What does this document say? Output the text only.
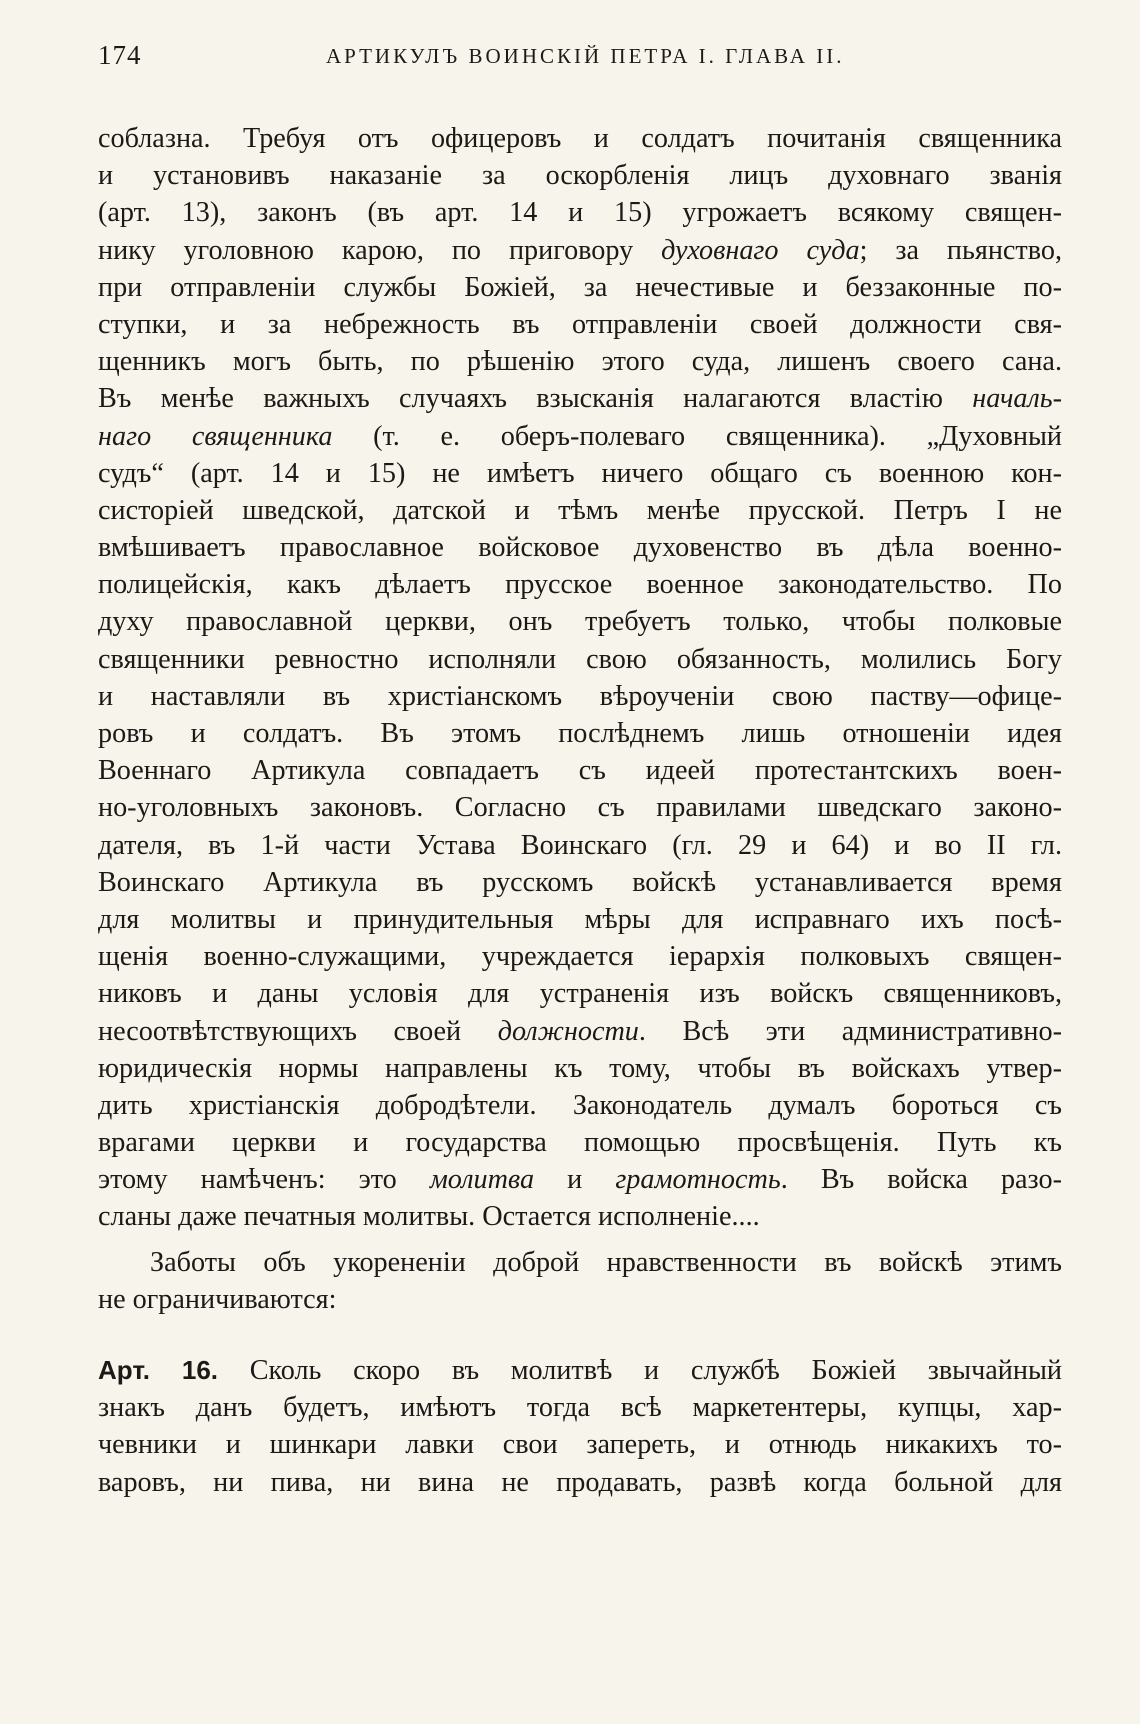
174	АРТИКУЛЪ ВОИНСКІЙ ПЕТРА I. ГЛАВА II.
соблазна. Требуя отъ офицеровъ и солдатъ почитанія священника
и установивъ наказаніе за оскорбленія лицъ духовнаго званія
(арт. 13), законъ (въ арт. 14 и 15) угрожаетъ всякому священ-
нику уголовною карою, по приговору духовнаго суда; за пьянство,
при отправленіи службы Божіей, за нечестивые и беззаконные по-
ступки, и за небрежность въ отправленіи своей должности свя-
щенникъ могъ быть, по рѣшенію этого суда, лишенъ своего сана.
Въ менѣе важныхъ случаяхъ взысканія налагаются властію началь-
наго священника (т. е. оберъ-полеваго священника). „Духовный
судъ“ (арт. 14 и 15) не имѣетъ ничего общаго съ военною кон-
систоріей шведской, датской и тѣмъ менѣе прусской. Петръ I не
вмѣшиваетъ православное войсковое духовенство въ дѣла военно-
полицейскія, какъ дѣлаетъ прусское военное законодательство. По
духу православной церкви, онъ требуетъ только, чтобы полковые
священники ревностно исполняли свою обязанность, молились Богу
и наставляли въ христіанскомъ вѣроученіи свою паству—офице-
ровъ и солдатъ. Въ этомъ послѣднемъ лишь отношеніи идея
Военнаго Артикула совпадаетъ съ идеей протестантскихъ воен-
но-уголовныхъ законовъ. Согласно съ правилами шведскаго законо-
дателя, въ 1-й части Устава Воинскаго (гл. 29 и 64) и во II гл.
Воинскаго Артикула въ русскомъ войскѣ устанавливается время
для молитвы и принудительныя мѣры для исправнаго ихъ посѣ-
щенія военно-служащими, учреждается іерархія полковыхъ священ-
никовъ и даны условія для устраненія изъ войскъ священниковъ,
несоотвѣтствующихъ своей должности. Всѣ эти административно-
юридическія нормы направлены къ тому, чтобы въ войскахъ утвер-
дить христіанскія добродѣтели. Законодатель думалъ бороться съ
врагами церкви и государства помощью просвѣщенія. Путь къ
этому намѣченъ: это молитва и грамотность. Въ войска разо-
сланы даже печатныя молитвы. Остается исполненіе....
Заботы объ укорененіи доброй нравственности въ войскѣ этимъ
не ограничиваются:
Арт. 16. Сколь скоро въ молитвѣ и службѣ Божіей звычайный
знакъ данъ будетъ, имѣютъ тогда всѣ маркетентеры, купцы, хар-
чевники и шинкари лавки свои запереть, и отнюдь никакихъ то-
варовъ, ни пива, ни вина не продавать, развѣ когда больной для
